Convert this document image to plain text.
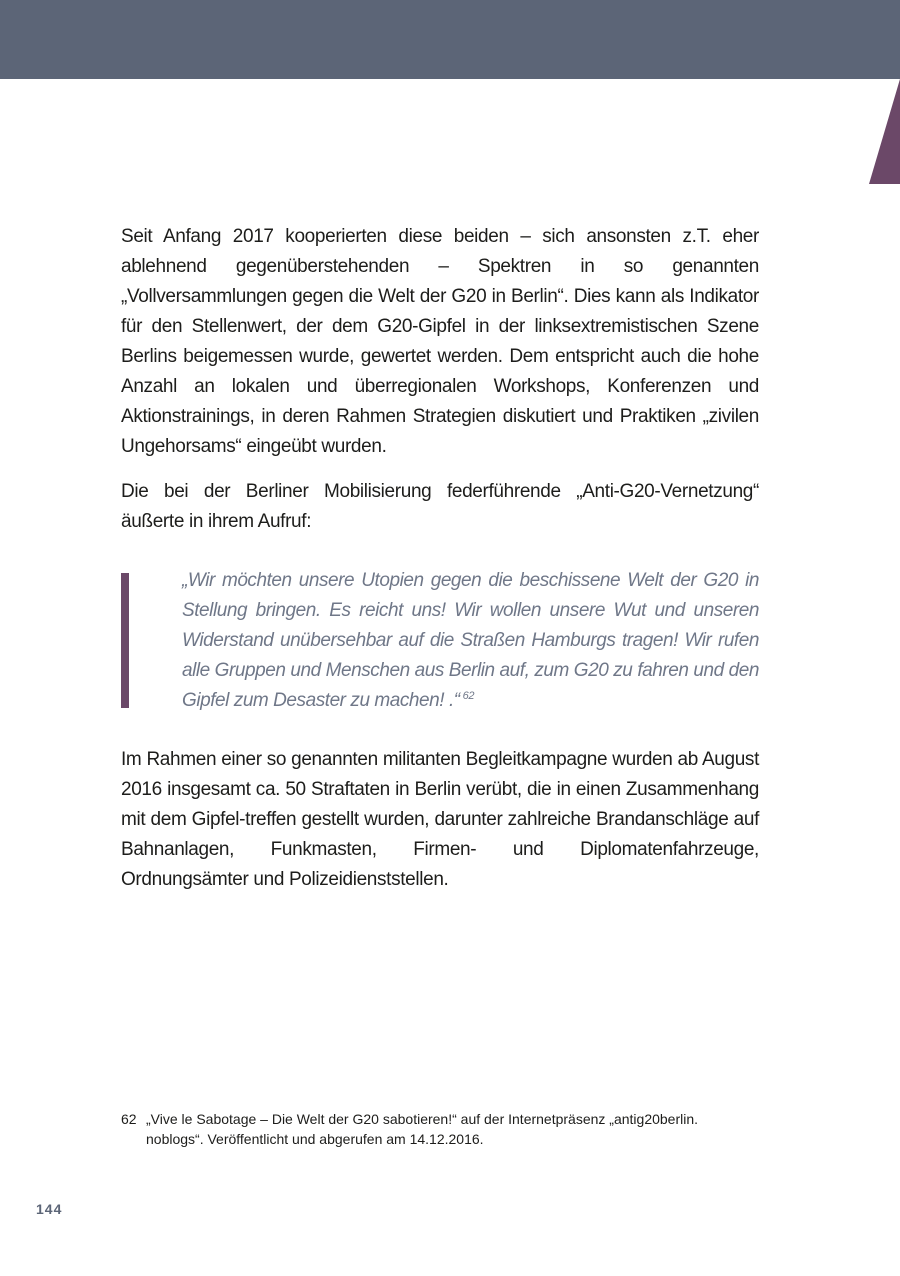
Seit Anfang 2017 kooperierten diese beiden – sich ansonsten z.T. eher ablehnend gegenüberstehenden – Spektren in so genannten „Vollversammlungen gegen die Welt der G20 in Berlin“. Dies kann als Indikator für den Stellenwert, der dem G20-Gipfel in der linksextremistischen Szene Berlins beigemessen wurde, gewertet werden. Dem entspricht auch die hohe Anzahl an lokalen und überregionalen Workshops, Konferenzen und Aktionstrainings, in deren Rahmen Strategien diskutiert und Praktiken „zivilen Ungehorsams“ eingeübt wurden.

Die bei der Berliner Mobilisierung federführende „Anti-G20-Vernetzung“ äußerte in ihrem Aufruf:

„Wir möchten unsere Utopien gegen die beschissene Welt der G20 in Stellung bringen. Es reicht uns! Wir wollen unsere Wut und unseren Widerstand unübersehbar auf die Straßen Hamburgs tragen! Wir rufen alle Gruppen und Menschen aus Berlin auf, zum G20 zu fahren und den Gipfel zum Desaster zu machen! .“ $^{62}$

Im Rahmen einer so genannten militanten Begleitkampagne wurden ab August 2016 insgesamt ca. 50 Straftaten in Berlin verübt, die in einen Zusammenhang mit dem Gipfel-treffen gestellt wurden, darunter zahlreiche Brandanschläge auf Bahnanlagen, Funkmasten, Firmen- und Diplomatenfahrzeuge, Ordnungsämter und Polizeidienststellen.

62 „Vive le Sabotage – Die Welt der G20 sabotieren!“ auf der Internetpräsenz „antig20berlin. noblogs“. Veröffentlicht und abgerufen am 14.12.2016.
144
